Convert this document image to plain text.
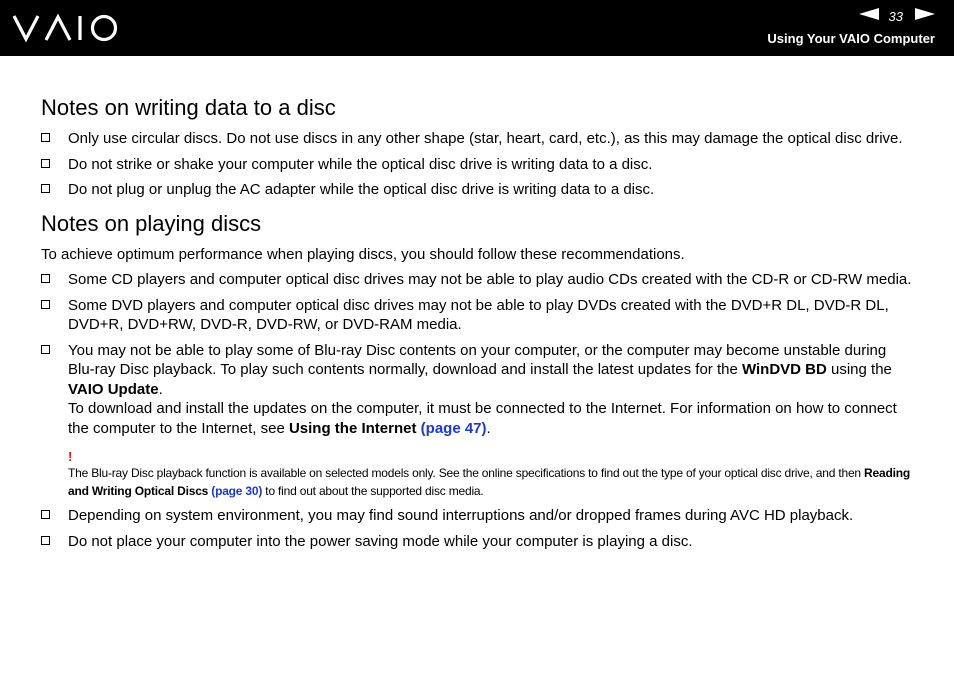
33
Using Your VAIO Computer
Notes on writing data to a disc
Only use circular discs. Do not use discs in any other shape (star, heart, card, etc.), as this may damage the optical disc drive.
Do not strike or shake your computer while the optical disc drive is writing data to a disc.
Do not plug or unplug the AC adapter while the optical disc drive is writing data to a disc.
Notes on playing discs

To achieve optimum performance when playing discs, you should follow these recommendations.

Some CD players and computer optical disc drives may not be able to play audio CDs created with the CD-R or CD-RW media.
Some DVD players and computer optical disc drives may not be able to play DVDs created with the DVD+R DL, DVD-R DL, DVD+R, DVD+RW, DVD-R, DVD-RW, or DVD-RAM media.
You may not be able to play some of Blu-ray Disc contents on your computer, or the computer may become unstable during Blu-ray Disc playback. To play such contents normally, download and install the latest updates for the WinDVD BD using the VAIO Update.
To download and install the updates on the computer, it must be connected to the Internet. For information on how to connect the computer to the Internet, see Using the Internet (page 47).
!
The Blu-ray Disc playback function is available on selected models only. See the online specifications to find out the type of your optical disc drive, and then Reading and Writing Optical Discs (page 30) to find out about the supported disc media.
Depending on system environment, you may find sound interruptions and/or dropped frames during AVC HD playback.
Do not place your computer into the power saving mode while your computer is playing a disc.
